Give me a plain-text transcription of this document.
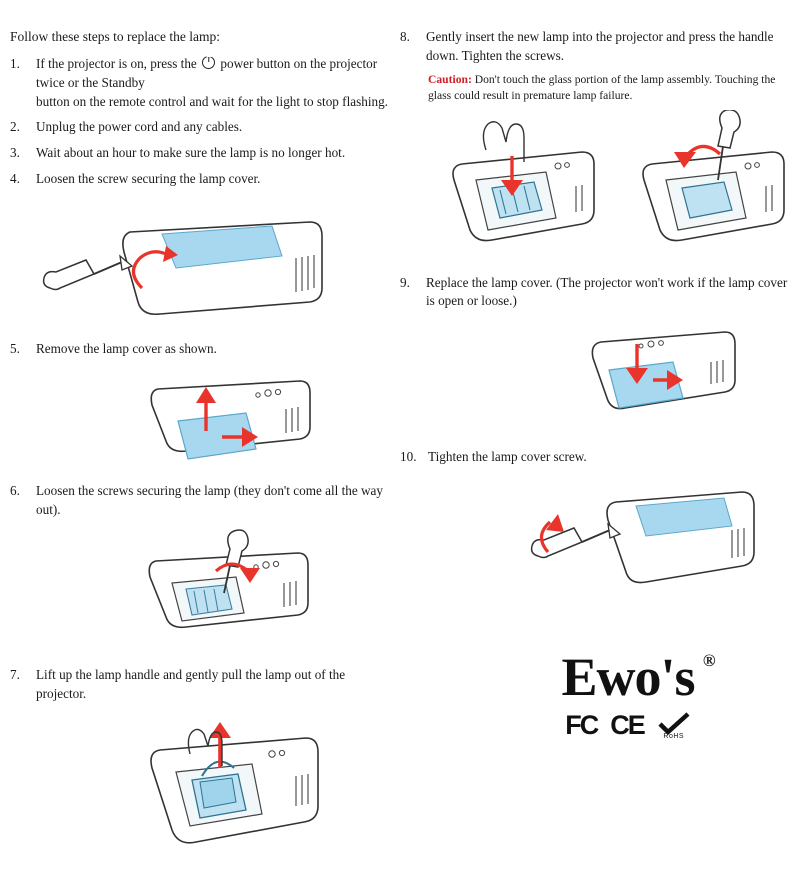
Follow these steps to replace the lamp:

1.	If the projector is on, press the  power button on the projector twice or the Standby
button on the remote control and wait for the light to stop flashing.
2.	Unplug the power cord and any cables.
3.	Wait about an hour to make sure the lamp is no longer hot.
4.	Loosen the screw securing the lamp cover.
5.	Remove the lamp cover as shown.
6.	Loosen the screws securing the lamp (they don't come all the way out).
7.	Lift up the lamp handle and gently pull the lamp out of the projector.
8.	Gently insert the new lamp into the projector and press the handle down. Tighten the screws.

Caution: Don't touch the glass portion of the lamp assembly. Touching the glass could result in premature lamp failure.

9.	Replace the lamp cover. (The projector won't work if the lamp cover is open or loose.)
10. Tighten the lamp cover screw.
Ewo's ®
FC CE	RoHS
